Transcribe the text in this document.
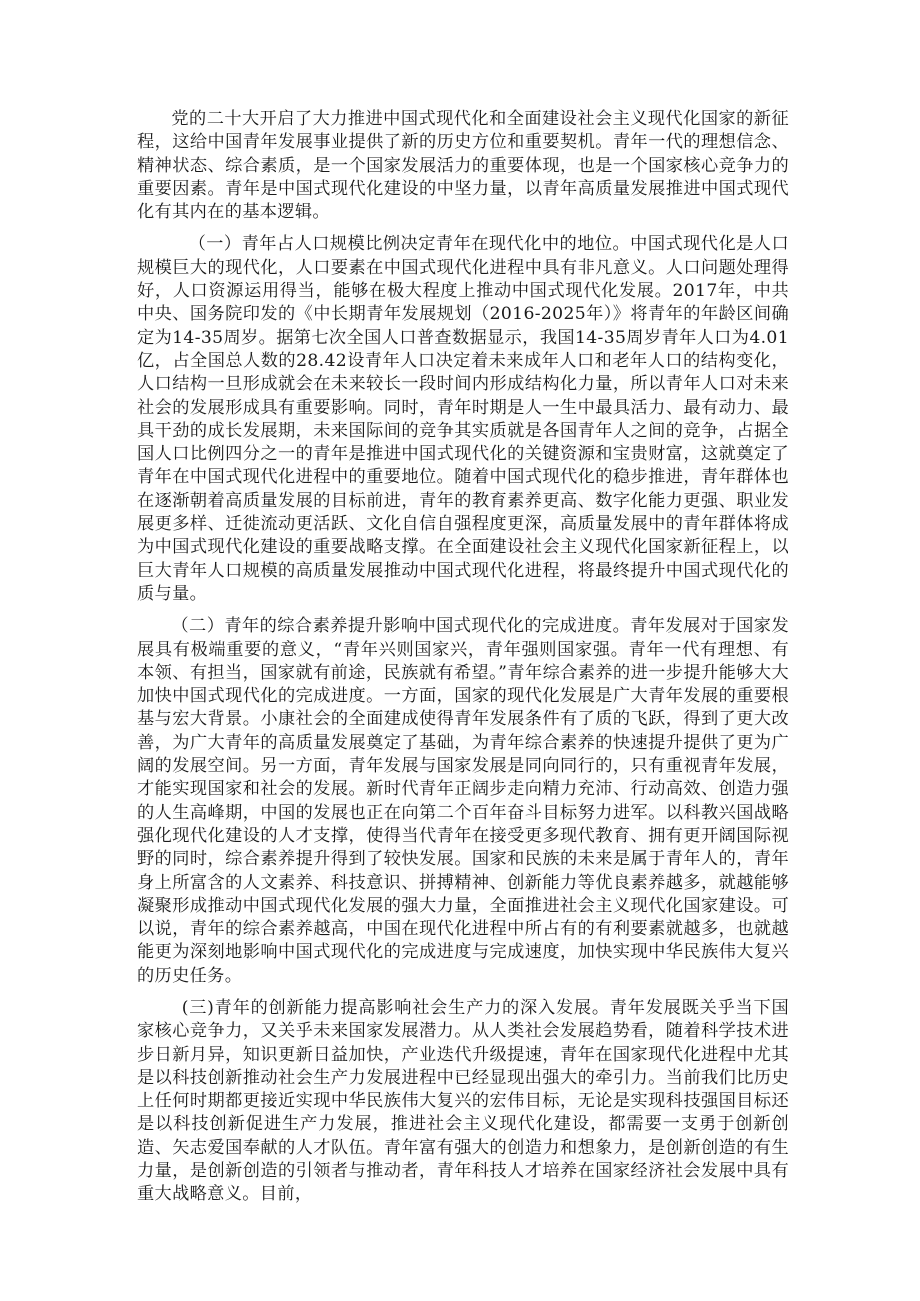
党的二十大开启了大力推进中国式现代化和全面建设社会主义现代化国家的新征程，这给中国青年发展事业提供了新的历史方位和重要契机。青年一代的理想信念、精神状态、综合素质，是一个国家发展活力的重要体现，也是一个国家核心竞争力的重要因素。青年是中国式现代化建设的中坚力量，以青年高质量发展推进中国式现代化有其内在的基本逻辑。

（一）青年占人口规模比例决定青年在现代化中的地位。中国式现代化是人口规模巨大的现代化，人口要素在中国式现代化进程中具有非凡意义。人口问题处理得好，人口资源运用得当，能够在极大程度上推动中国式现代化发展。2017年，中共中央、国务院印发的《中长期青年发展规划（2016-2025年）》将青年的年龄区间确定为14-35周岁。据第七次全国人口普查数据显示，我国14-35周岁青年人口为4.01亿，占全国总人数的28.42设青年人口决定着未来成年人口和老年人口的结构变化，人口结构一旦形成就会在未来较长一段时间内形成结构化力量，所以青年人口对未来社会的发展形成具有重要影响。同时，青年时期是人一生中最具活力、最有动力、最具干劲的成长发展期，未来国际间的竞争其实质就是各国青年人之间的竞争，占据全国人口比例四分之一的青年是推进中国式现代化的关键资源和宝贵财富，这就奠定了青年在中国式现代化进程中的重要地位。随着中国式现代化的稳步推进，青年群体也在逐渐朝着高质量发展的目标前进，青年的教育素养更高、数字化能力更强、职业发展更多样、迁徙流动更活跃、文化自信自强程度更深，高质量发展中的青年群体将成为中国式现代化建设的重要战略支撑。在全面建设社会主义现代化国家新征程上，以巨大青年人口规模的高质量发展推动中国式现代化进程，将最终提升中国式现代化的质与量。

（二）青年的综合素养提升影响中国式现代化的完成进度。青年发展对于国家发展具有极端重要的意义，“青年兴则国家兴，青年强则国家强。青年一代有理想、有本领、有担当，国家就有前途，民族就有希望。”青年综合素养的进一步提升能够大大加快中国式现代化的完成进度。一方面，国家的现代化发展是广大青年发展的重要根基与宏大背景。小康社会的全面建成使得青年发展条件有了质的飞跃，得到了更大改善，为广大青年的高质量发展奠定了基础，为青年综合素养的快速提升提供了更为广阔的发展空间。另一方面，青年发展与国家发展是同向同行的，只有重视青年发展，才能实现国家和社会的发展。新时代青年正阔步走向精力充沛、行动高效、创造力强的人生高峰期，中国的发展也正在向第二个百年奋斗目标努力进军。以科教兴国战略强化现代化建设的人才支撑，使得当代青年在接受更多现代教育、拥有更开阔国际视野的同时，综合素养提升得到了较快发展。国家和民族的未来是属于青年人的，青年身上所富含的人文素养、科技意识、拼搏精神、创新能力等优良素养越多，就越能够凝聚形成推动中国式现代化发展的强大力量，全面推进社会主义现代化国家建设。可以说，青年的综合素养越高，中国在现代化进程中所占有的有利要素就越多，也就越能更为深刻地影响中国式现代化的完成进度与完成速度，加快实现中华民族伟大复兴的历史任务。

(三)青年的创新能力提高影响社会生产力的深入发展。青年发展既关乎当下国家核心竞争力，又关乎未来国家发展潜力。从人类社会发展趋势看，随着科学技术进步日新月异，知识更新日益加快，产业迭代升级提速，青年在国家现代化进程中尤其是以科技创新推动社会生产力发展进程中已经显现出强大的牵引力。当前我们比历史上任何时期都更接近实现中华民族伟大复兴的宏伟目标，无论是实现科技强国目标还是以科技创新促进生产力发展，推进社会主义现代化建设，都需要一支勇于创新创造、矢志爱国奉献的人才队伍。青年富有强大的创造力和想象力，是创新创造的有生力量，是创新创造的引领者与推动者，青年科技人才培养在国家经济社会发展中具有重大战略意义。目前，
